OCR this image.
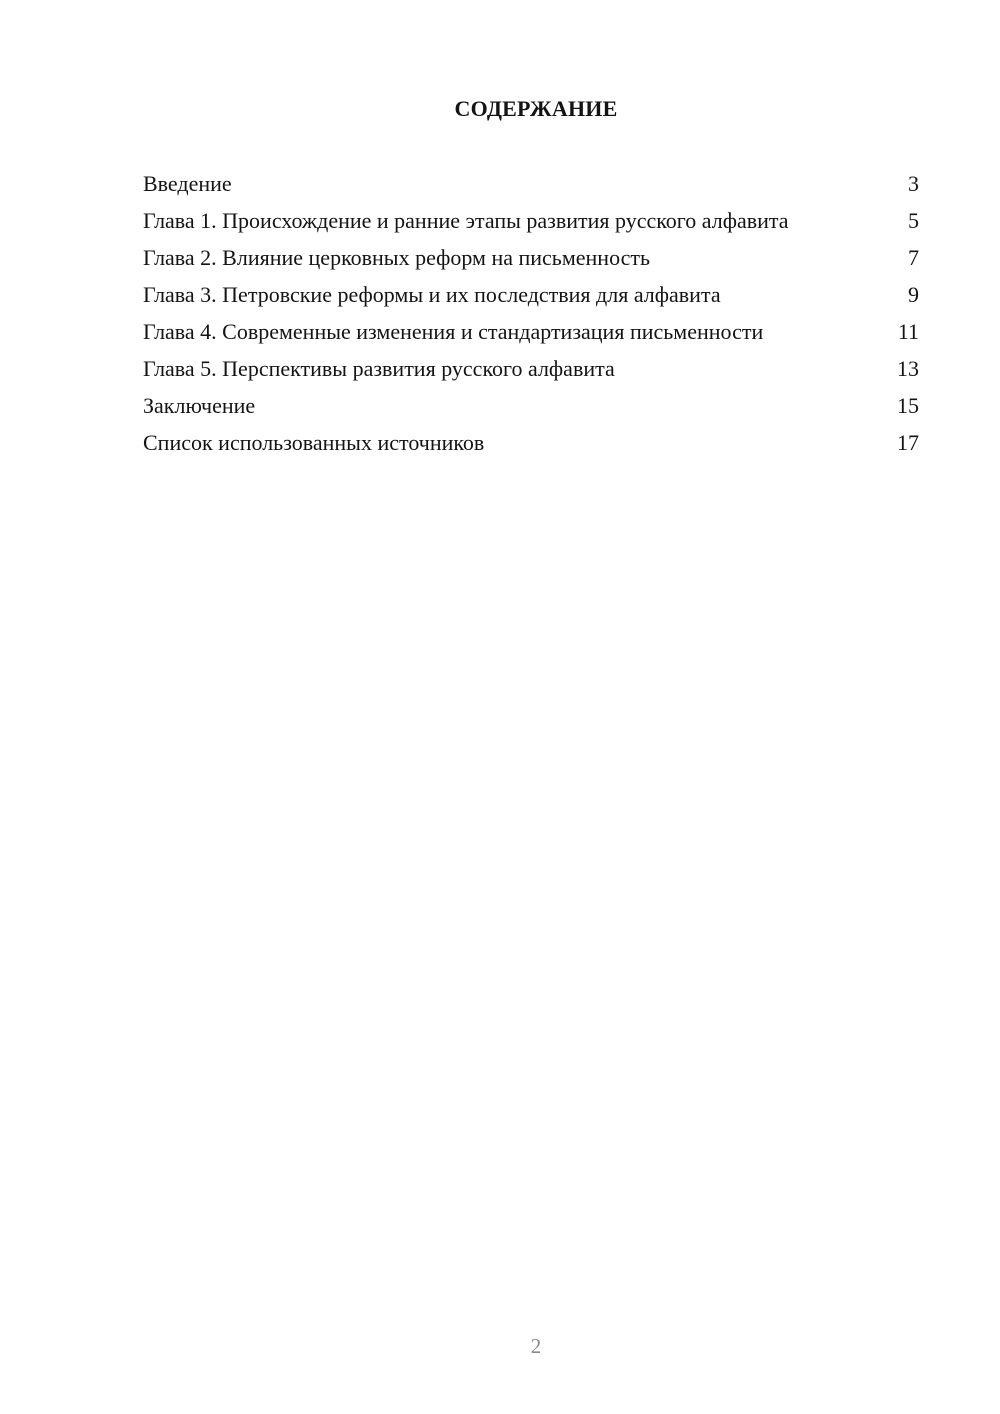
СОДЕРЖАНИЕ
Введение	3
Глава 1. Происхождение и ранние этапы развития русского алфавита	5
Глава 2. Влияние церковных реформ на письменность	7
Глава 3. Петровские реформы и их последствия для алфавита	9
Глава 4. Современные изменения и стандартизация письменности	11
Глава 5. Перспективы развития русского алфавита	13
Заключение	15
Список использованных источников	17
2
